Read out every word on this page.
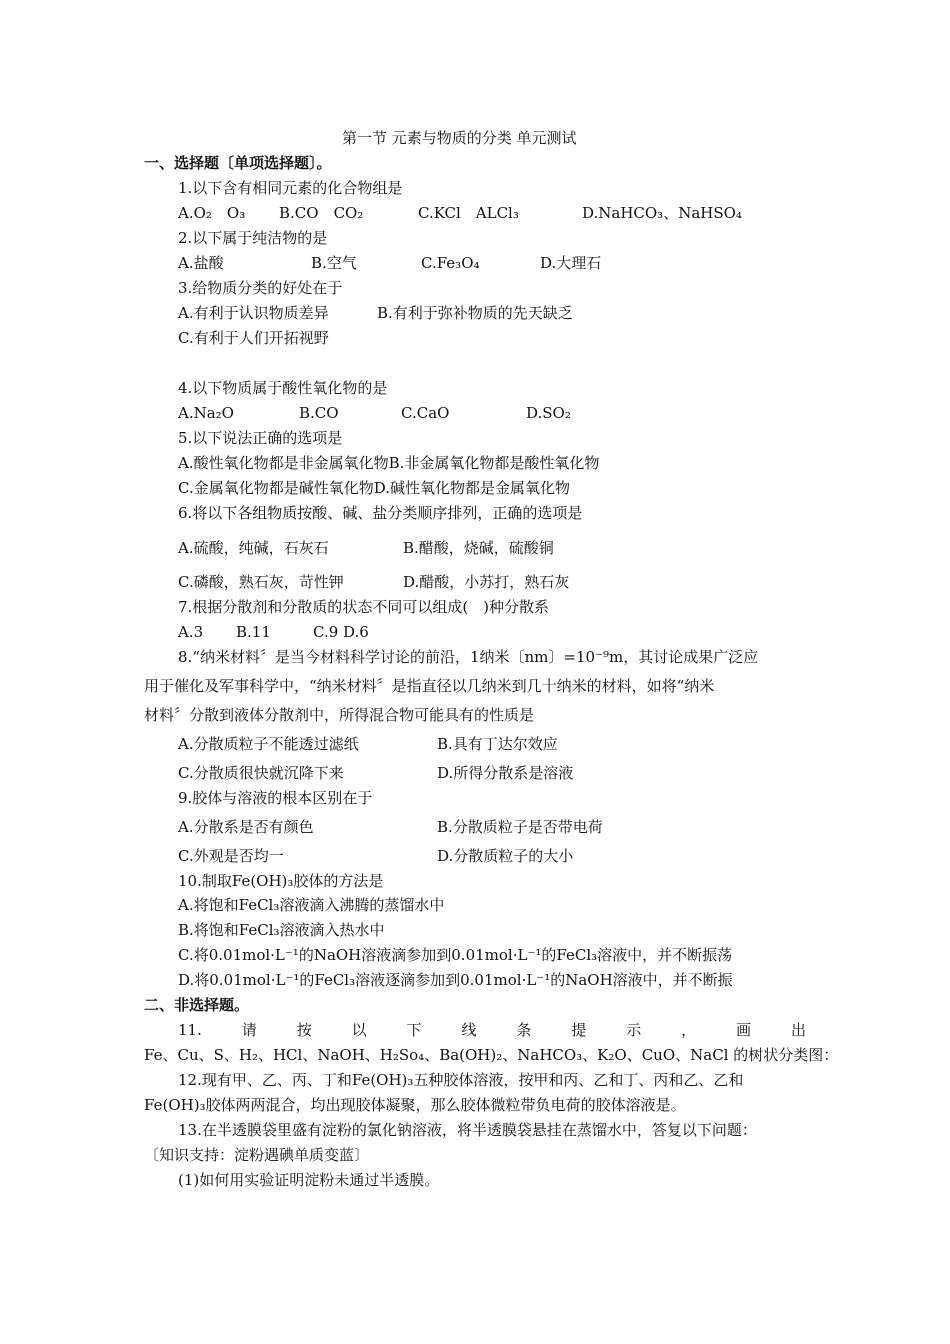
第一节 元素与物质的分类 单元测试
一、选择题〔单项选择题〕。
1.以下含有相同元素的化合物组是
A.O₂　O₃ B.CO　CO₂	C.KCl　ALCl₃	D.NaHCO₃、NaHSO₄
2.以下属于纯洁物的是
A.盐酸	B.空气	C.Fe₃O₄	D.大理石
3.给物质分类的好处在于
A.有利于认识物质差异	B.有利于弥补物质的先天缺乏
C.有利于人们开拓视野
4.以下物质属于酸性氧化物的是
A.Na₂O	B.CO	C.CaO	D.SO₂
5.以下说法正确的选项是
A.酸性氧化物都是非金属氧化物B.非金属氧化物都是酸性氧化物
C.金属氧化物都是碱性氧化物D.碱性氧化物都是金属氧化物
6.将以下各组物质按酸、碱、盐分类顺序排列，正确的选项是
A.硫酸，纯碱，石灰石	B.醋酸，烧碱，硫酸铜
C.磷酸，熟石灰，苛性钾	D.醋酸，小苏打，熟石灰
7.根据分散剂和分散质的状态不同可以组成(　)种分散系
A.3 B.11	C.9 D.6
8.“纳米材料〞是当今材料科学讨论的前沿，1纳米〔nm〕=10⁻⁹m，其讨论成果广泛应
用于催化及军事科学中，“纳米材料〞是指直径以几纳米到几十纳米的材料，如将“纳米
材料〞分散到液体分散剂中，所得混合物可能具有的性质是
A.分散质粒子不能透过滤纸	B.具有丁达尔效应
C.分散质很快就沉降下来	D.所得分散系是溶液
9.胶体与溶液的根本区别在于
A.分散系是否有颜色	B.分散质粒子是否带电荷
C.外观是否均一	D.分散质粒子的大小
10.制取Fe(OH)₃胶体的方法是
A.将饱和FeCl₃溶液滴入沸腾的蒸馏水中
B.将饱和FeCl₃溶液滴入热水中
C.将0.01mol·L⁻¹的NaOH溶液滴参加到0.01mol·L⁻¹的FeCl₃溶液中，并不断振荡
D.将0.01mol·L⁻¹的FeCl₃溶液逐滴参加到0.01mol·L⁻¹的NaOH溶液中，并不断振
二、非选择题。
11.	请	按	以	下	线	条	提	示	，	画	出
Fe、Cu、S、H₂、HCl、NaOH、H₂So₄、Ba(OH)₂、NaHCO₃、K₂O、CuO、NaCl 的树状分类图：
12.现有甲、乙、丙、丁和Fe(OH)₃五种胶体溶液，按甲和丙、乙和丁、丙和乙、乙和
Fe(OH)₃胶体两两混合，均出现胶体凝聚，那么胶体微粒带负电荷的胶体溶液是。
13.在半透膜袋里盛有淀粉的氯化钠溶液，将半透膜袋悬挂在蒸馏水中，答复以下问题：
〔知识支持：淀粉遇碘单质变蓝〕
(1)如何用实验证明淀粉未通过半透膜。
